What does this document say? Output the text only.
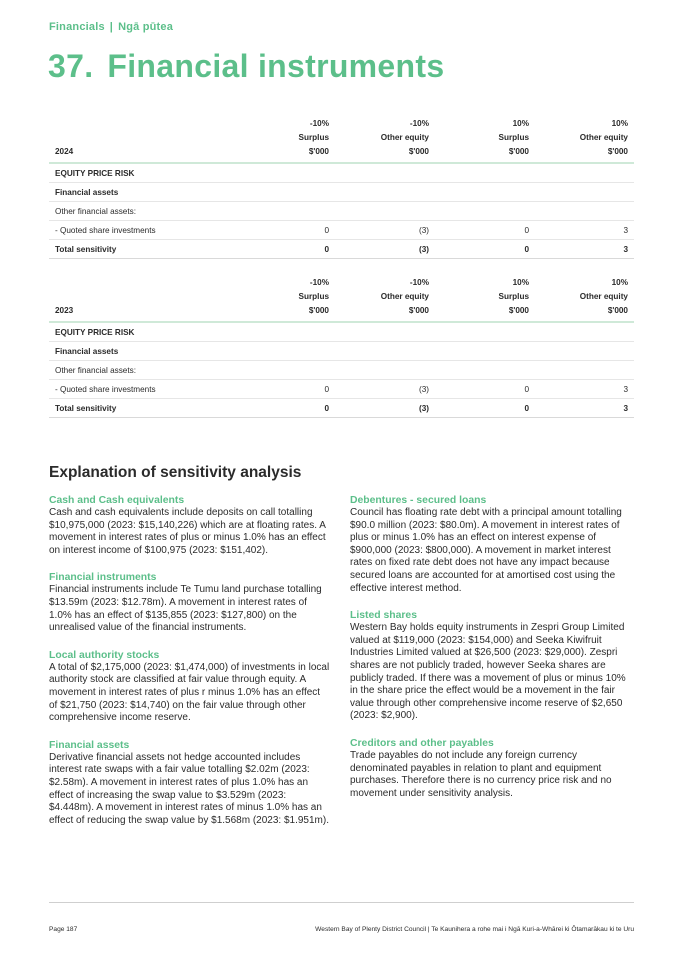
Financials | Ngā pūtea
37. Financial instruments
	-10%	-10%	10%	10%
	Surplus	Other equity	Surplus	Other equity
2024	$'000	$'000	$'000	$'000
EQUITY PRICE RISK				
Financial assets				
Other financial assets:				
- Quoted share investments	0	(3)	0	3
Total sensitivity	0	(3)	0	3
	-10%	-10%	10%	10%
	Surplus	Other equity	Surplus	Other equity
2023	$'000	$'000	$'000	$'000
EQUITY PRICE RISK				
Financial assets				
Other financial assets:				
- Quoted share investments	0	(3)	0	3
Total sensitivity	0	(3)	0	3
Explanation of sensitivity analysis
Cash and Cash equivalents

Cash and cash equivalents include deposits on call totalling $10,975,000 (2023: $15,140,226) which are at floating rates. A movement in interest rates of plus or minus 1.0% has an effect on interest income of $100,975 (2023: $151,402).

Financial instruments

Financial instruments include Te Tumu land purchase totalling $13.59m (2023: $12.78m). A movement in interest rates of 1.0% has an effect of $135,855 (2023: $127,800) on the unrealised value of the financial instruments.

Local authority stocks

A total of $2,175,000 (2023: $1,474,000) of investments in local authority stock are classified at fair value through equity. A movement in interest rates of plus r minus 1.0% has an effect of $21,750 (2023: $14,740) on the fair value through other comprehensive income reserve.

Financial assets

Derivative financial assets not hedge accounted includes interest rate swaps with a fair value totalling $2.02m (2023: $2.58m). A movement in interest rates of plus 1.0% has an effect of increasing the swap value to $3.529m (2023: $4.448m). A movement in interest rates of minus 1.0% has an effect of reducing the swap value by $1.568m (2023: $1.951m).

Debentures - secured loans

Council has floating rate debt with a principal amount totalling $90.0 million (2023: $80.0m). A movement in interest rates of plus or minus 1.0% has an effect on interest expense of $900,000 (2023: $800,000). A movement in market interest rates on fixed rate debt does not have any impact because secured loans are accounted for at amortised cost using the effective interest method.

Listed shares

Western Bay holds equity instruments in Zespri Group Limited valued at $119,000 (2023: $154,000) and Seeka Kiwifruit Industries Limited valued at $26,500 (2023: $29,000). Zespri shares are not publicly traded, however Seeka shares are publicly traded. If there was a movement of plus or minus 10% in the share price the effect would be a movement in the fair value through other comprehensive income reserve of $2,650 (2023: $2,900).

Creditors and other payables

Trade payables do not include any foreign currency denominated payables in relation to plant and equipment purchases. Therefore there is no currency price risk and no movement under sensitivity analysis.

Page 187	Western Bay of Plenty District Council | Te Kaunihera a rohe mai i Ngā Kuri-a-Whārei ki Ōtamarākau ki te Uru
